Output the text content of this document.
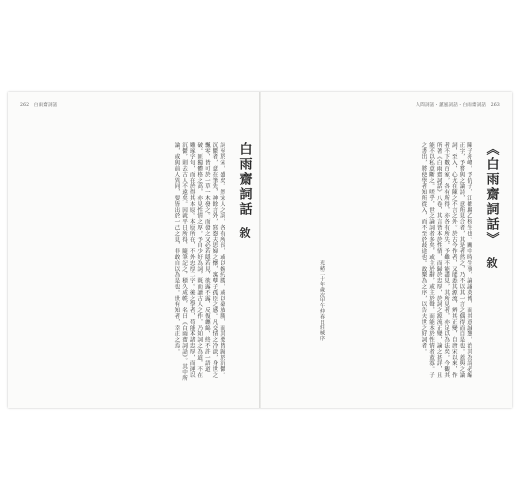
262　白雨齋詞話
白雨齋詞話
敘
詞至於宋，盛矣。然宋人之詞，各有所長，或以婉約勝，或以豪放勝，而其要皆歸於沉鬱。沉鬱者，意在筆先，神餘言外，寫怨夫思婦之懷，寓孽子孤臣之感。凡交情之冷淡，身世之飄零，皆可於一草一木發之。而發之又必若隱若見，欲露不露，反復纏綿，終不許一語道破。匪獨體格之高，亦見性情之厚。予自少好為詞，既而讀古人之作，乃知詞之為道，不在雕琢字句，而在於得其本原。本原所在，不外忠厚二字。後之學者，苟能本諸忠厚，而運以沉鬱，則去古人不遠矣。因就平日所得，隨筆記之，積久成帙，名曰《白雨齋詞話》。其中所論，或與前人異同，要皆出於一己之見，非敢自以為是也。世有知者，幸正之焉。
人間詞話・蕙風詞話・白雨齋詞話　263
《白雨齋詞話》
敘
陳子亦峰，予伉子，江都縣乙校生也。關中時生事，論議英博，而其意誠懇，治其為詩必編正字，予嘗與之論詩，意所見合者，其是者然之，乃不以其一言之偶得而自是也。蓋與之論詞，至入，心尤在陳之不言之外。於古今作者，又能悉其源流，辨其正變，自唐宋以來，作者不下數百家，各有所得，亦各有所失。予雖不能盡見，其所見者，亦足以為法矣。今觀其所著《白雨齋詞話》八卷，其言皆本於性情，而歸於忠厚，於詞之源流正變，論之甚詳，且能不以私意斷之。嗟乎，世之論詞者多矣，或主於辭，或主於聲，而能本於性情者蓋寡。子之書出，將使學者知所從入，而不至於歧途也。故樂為之序，以告夫世之好詞者。
光緒二十年歲次甲午仲春日莊棫序
